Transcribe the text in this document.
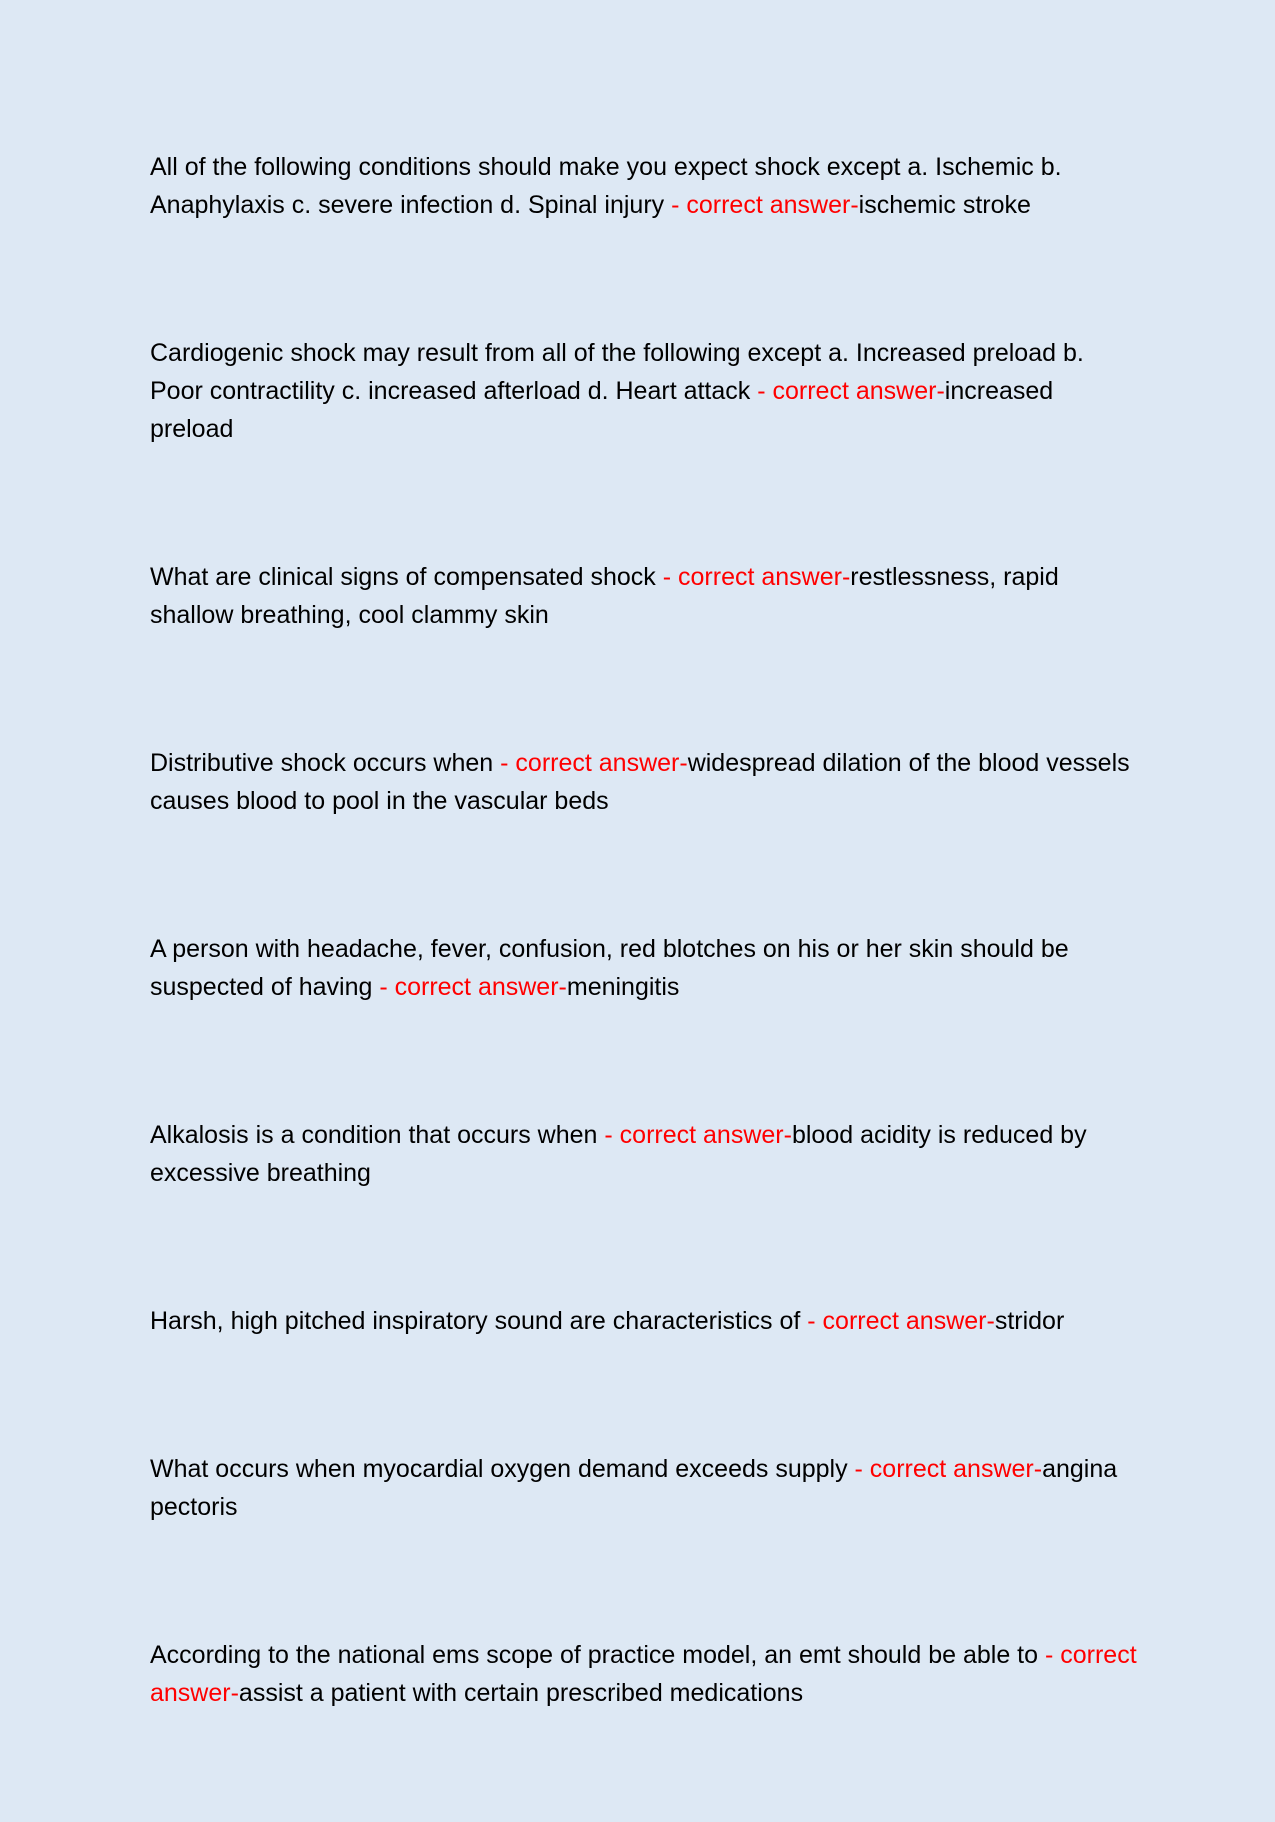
All of the following conditions should make you expect shock except a. Ischemic b. Anaphylaxis c. severe infection d. Spinal injury - correct answer-ischemic stroke

Cardiogenic shock may result from all of the following except a. Increased preload b. Poor contractility c. increased afterload d. Heart attack - correct answer-increased preload

What are clinical signs of compensated shock - correct answer-restlessness, rapid shallow breathing, cool clammy skin

Distributive shock occurs when - correct answer-widespread dilation of the blood vessels causes blood to pool in the vascular beds

A person with headache, fever, confusion, red blotches on his or her skin should be suspected of having - correct answer-meningitis

Alkalosis is a condition that occurs when - correct answer-blood acidity is reduced by excessive breathing

Harsh, high pitched inspiratory sound are characteristics of - correct answer-stridor

What occurs when myocardial oxygen demand exceeds supply - correct answer-angina pectoris

According to the national ems scope of practice model, an emt should be able to - correct answer-assist a patient with certain prescribed medications
